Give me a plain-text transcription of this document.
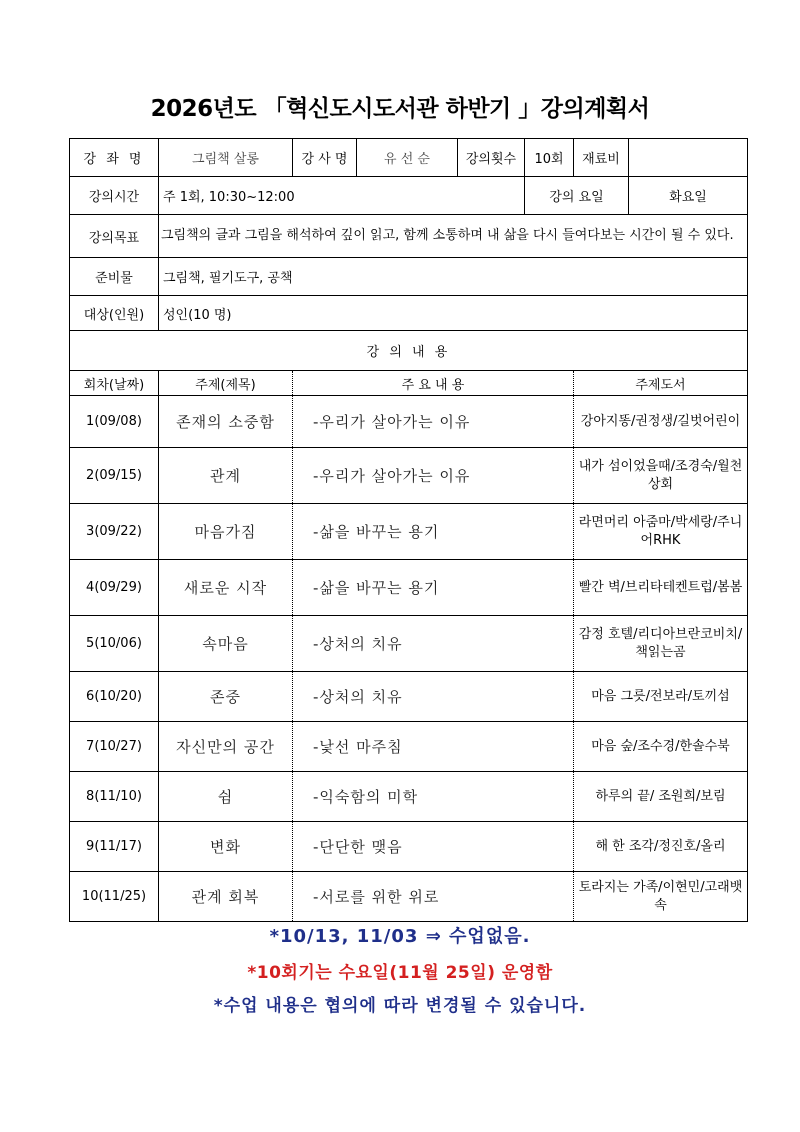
2026년도 「혁신도시도서관 하반기 」강의계획서
강 좌 명	그림책 살롱	강 사 명	유 선 순	강의횟수	10회	재료비	
강의시간	주 1회, 10:30~12:00				강의 요일		화요일
강의목표	그림책의 글과 그림을 해석하여 깊이 읽고, 함께 소통하며 내 삶을 다시 들여다보는 시간이 될 수 있다.						
준비물	그림책, 필기도구, 공책						
대상(인원)	성인(10 명)						
강 의 내 용							
회차(날짜)	주제(제목)	주 요 내 용				주제도서	
1(09/08)	존재의 소중함	-우리가 살아가는 이유				강아지똥/권정생/길벗어린이	
2(09/15)	관계	-우리가 살아가는 이유				내가 섬이었을때/조경숙/월천상회	
3(09/22)	마음가짐	-삶을 바꾸는 용기				라면머리 아줌마/박세랑/주니어RHK	
4(09/29)	새로운 시작	-삶을 바꾸는 용기				빨간 벽/브리타테켄트럽/봄봄	
5(10/06)	속마음	-상처의 치유				감정 호텔/리디아브란코비치/책읽는곰	
6(10/20)	존중	-상처의 치유				마음 그릇/전보라/토끼섬	
7(10/27)	자신만의 공간	-낯선 마주침				마음 숲/조수경/한솔수북	
8(11/10)	쉼	-익숙함의 미학				하루의 끝/ 조원희/보림	
9(11/17)	변화	-단단한 맺음				해 한 조각/정진호/올리	
10(11/25)	관계 회복	-서로를 위한 위로				토라지는 가족/이현민/고래뱃속	
*10/13, 11/03 ⇒ 수업없음.
*10회기는 수요일(11월 25일) 운영함
*수업 내용은 협의에 따라 변경될 수 있습니다.
